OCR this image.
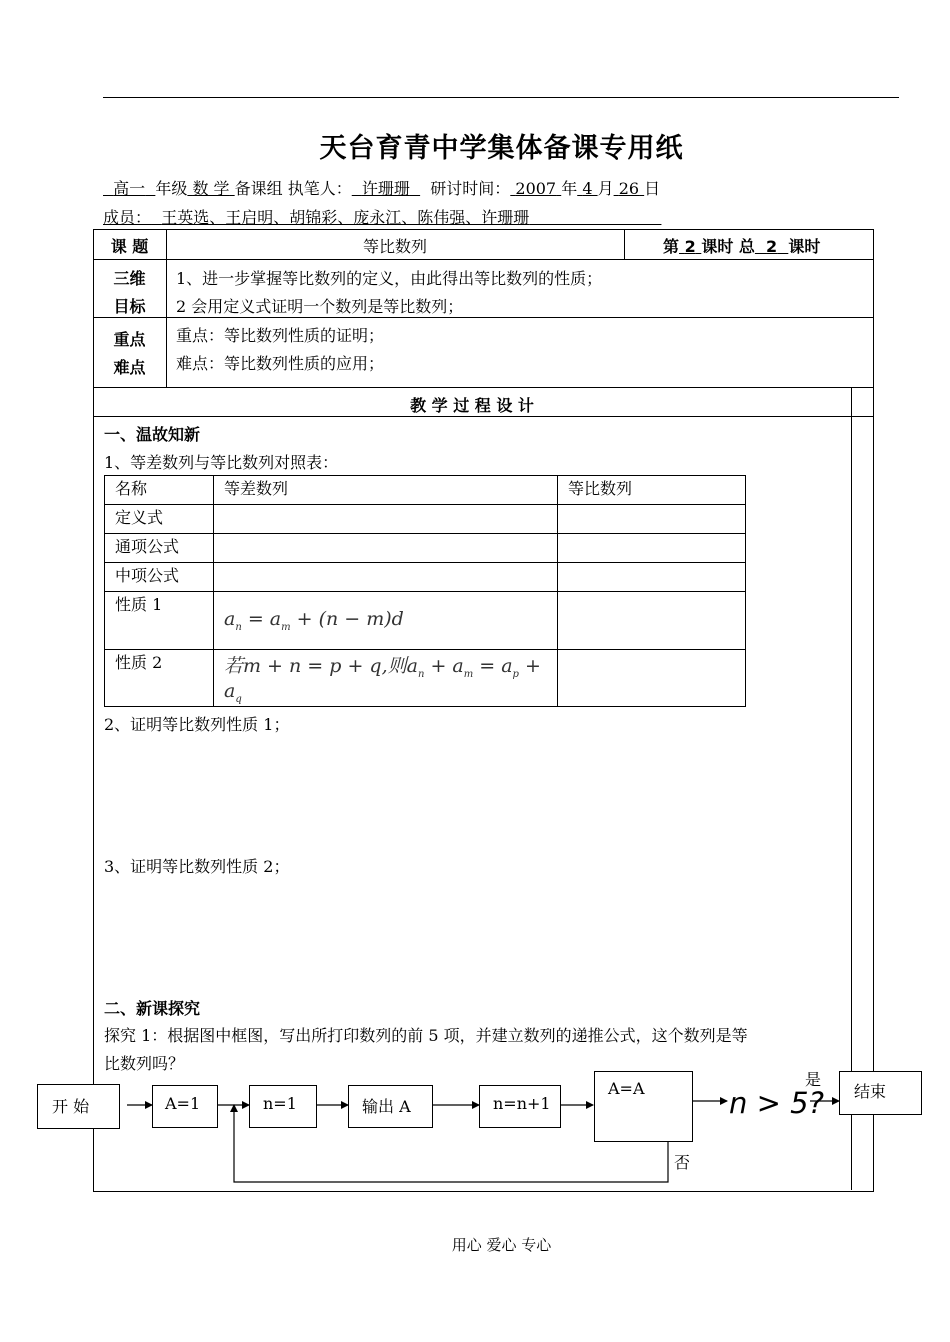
天台育青中学集体备课专用纸
高一 年级 数 学 备课组 执笔人： 许珊珊 研讨时间： 2007 年 4 月 26 日
成员： 王英选、王启明、胡锦彩、庞永江、陈伟强、许珊珊
课 题	等比数列	第 2 课时 总 2 课时
三维
目标
1、进一步掌握等比数列的定义，由此得出等比数列的性质；
2 会用定义式证明一个数列是等比数列；
重点
难点
重点：等比数列性质的证明；
难点：等比数列性质的应用；
教 学 过 程 设 计
一、温故知新
1、等差数列与等比数列对照表：
名称	等差数列	等比数列
定义式		
通项公式		
中项公式		
性质 1	$a_n = a_m + (n - m)d$	
性质 2	若m + n = p + q,则$a_n + a_m = a_p + a_q$	
2、证明等比数列性质 1；
3、证明等比数列性质 2；
二、新课探究
探究 1：根据图中框图，写出所打印数列的前 5 项，并建立数列的递推公式，这个数列是等
比数列吗？
开 始	A=1	n=1	输出 A	n=n+1
A=A	n > 5?
是
否
结束
用心 爱心 专心
